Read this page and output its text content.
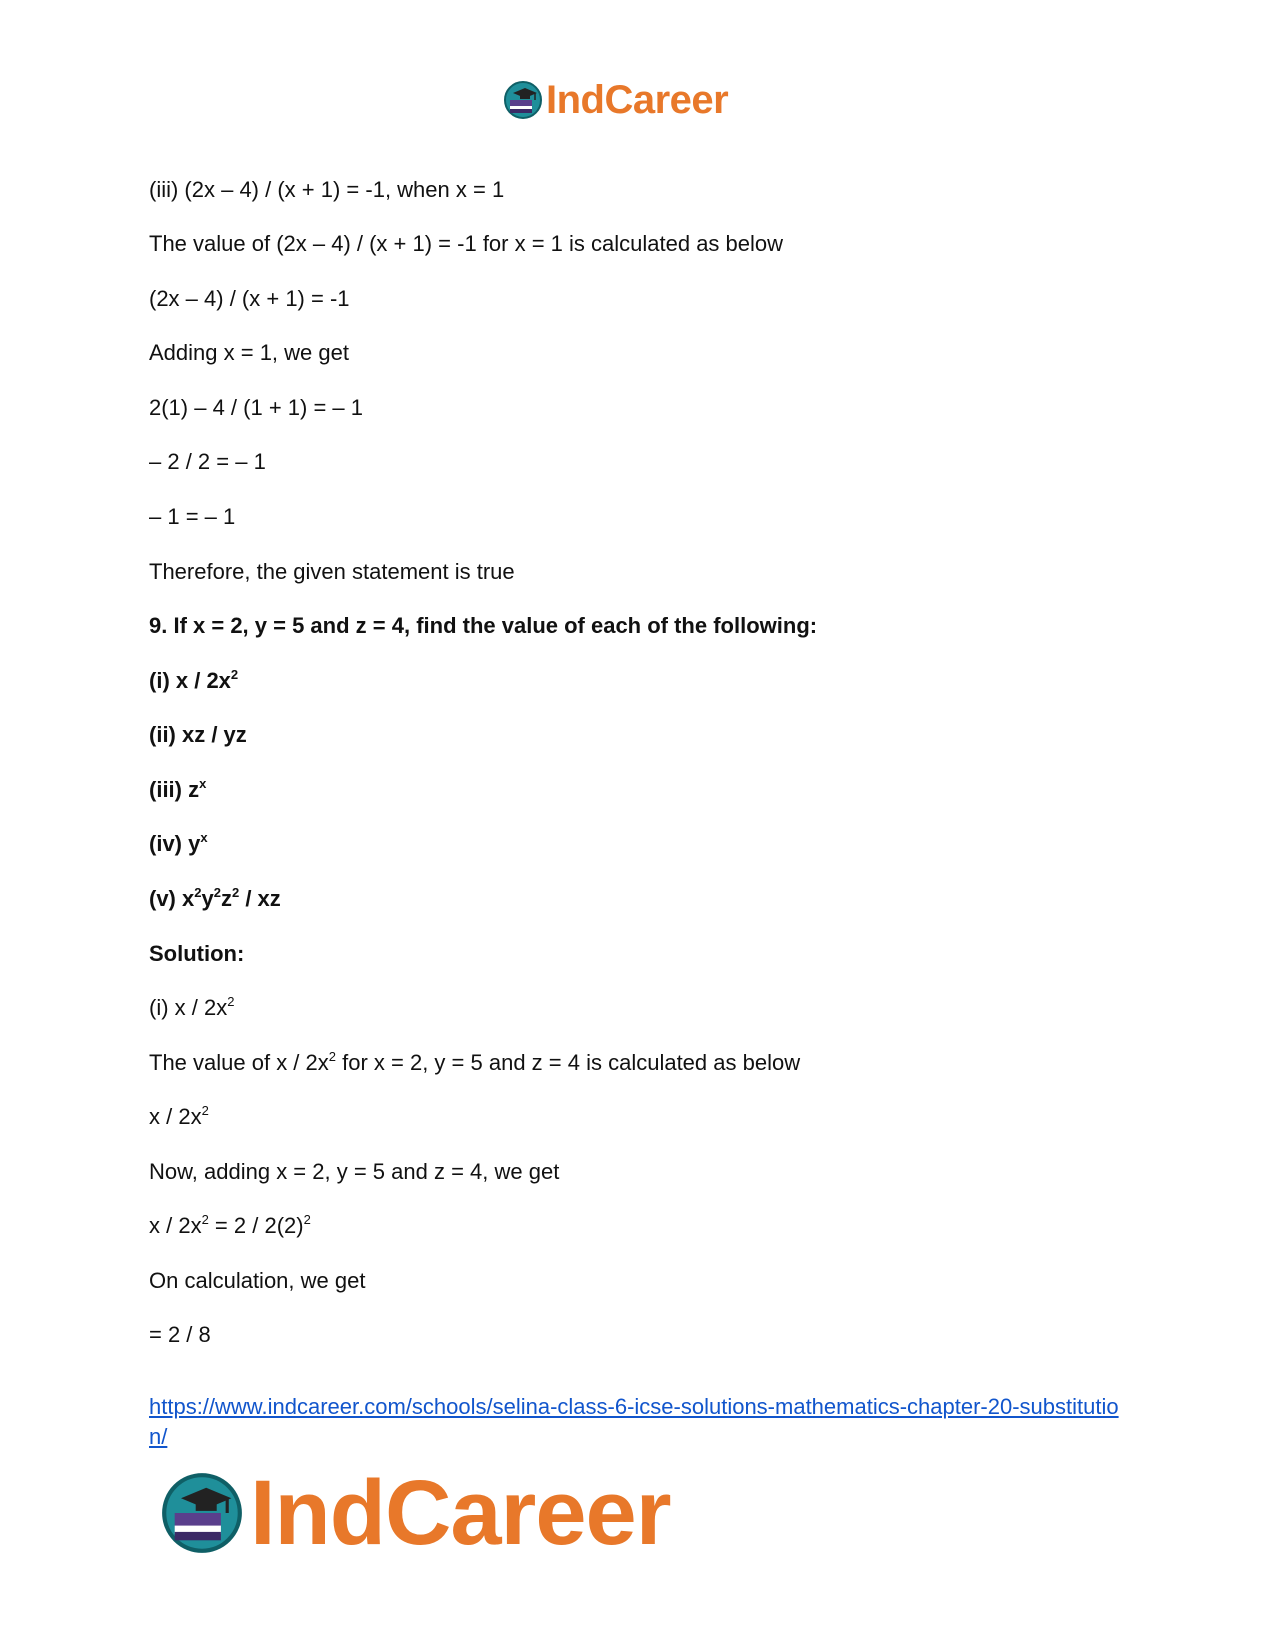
IndCareer
(iii) (2x – 4) / (x + 1) = -1, when x = 1
The value of (2x – 4) / (x + 1) = -1 for x = 1 is calculated as below
(2x – 4) / (x + 1) = -1
Adding x = 1, we get
2(1) – 4 / (1 + 1) = – 1
– 2 / 2 = – 1
– 1 = – 1
Therefore, the given statement is true
9. If x = 2, y = 5 and z = 4, find the value of each of the following:
(i) x / $2x^2$
(ii) xz / yz
(iii) $z^x$
(iv) $y^x$
(v) $x^2y^2z^2$ / xz
Solution:
(i) x / $2x^2$
The value of x / $2x^2$ for x = 2, y = 5 and z = 4 is calculated as below
x / $2x^2$
Now, adding x = 2, y = 5 and z = 4, we get
$x / 2x^2 = 2 / 2(2)^2$
On calculation, we get
= 2 / 8
https://www.indcareer.com/schools/selina-class-6-icse-solutions-mathematics-chapter-20-substitution/
IndCareer
